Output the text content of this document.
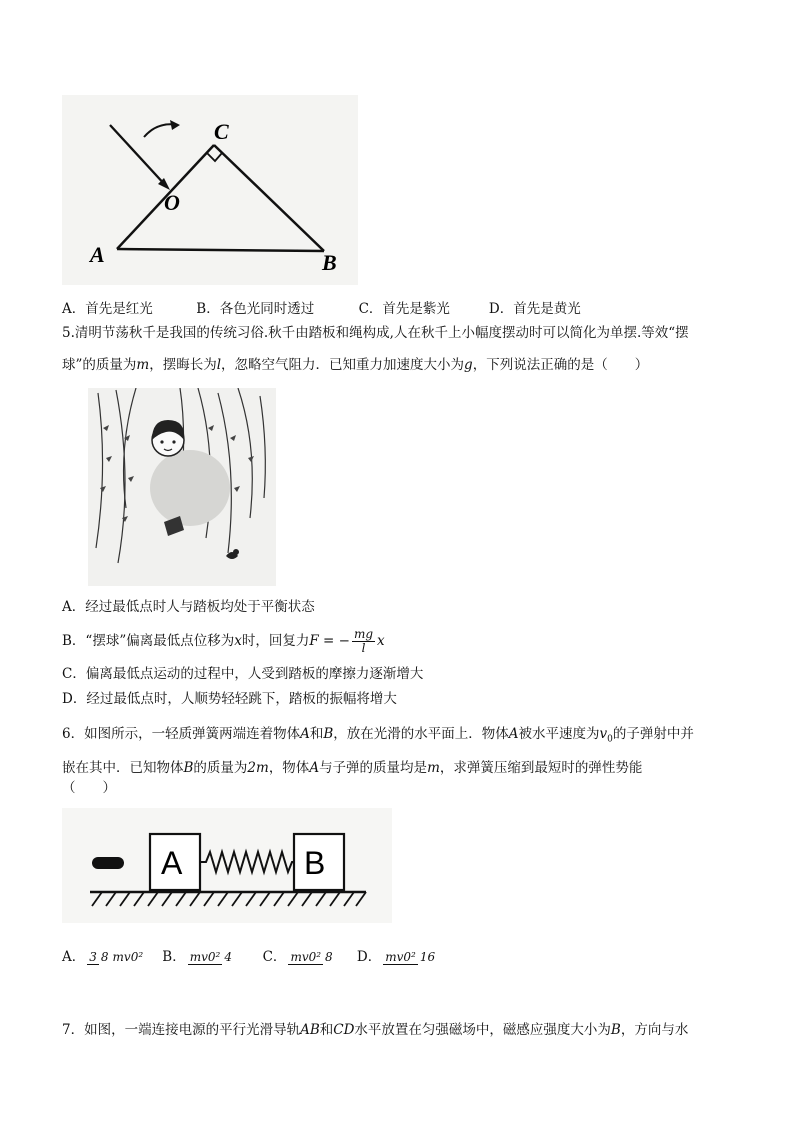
C
O
A	B
A．首先是红光	B．各色光同时透过	C．首先是紫光	D．首先是黄光
5.清明节荡秋千是我国的传统习俗.秋千由踏板和绳构成,人在秋千上小幅度摆动时可以简化为单摆.等效“摆
球”的质量为m，摆晦长为l，忽略空气阻力．已知重力加速度大小为g，下列说法正确的是（　　）
A．经过最低点时人与踏板均处于平衡状态
B．“摆球”偏离最低点位移为x时，回复力F = − $\frac{mg}{l}$ x
C．偏离最低点运动的过程中，人受到踏板的摩擦力逐渐增大
D．经过最低点时，人顺势轻轻跳下，踏板的振幅将增大
6．如图所示，一轻质弹簧两端连着物体A和B，放在光滑的水平面上．物体A被水平速度为$v_0$的子弹射中并
嵌在其中．已知物体B的质量为2m，物体A与子弹的质量均是m，求弹簧压缩到最短时的弹性势能
（　　）
A	B
A． 3 8 mv0² B． mv0² 4 C． mv0² 8 D． mv0² 16
7．如图，一端连接电源的平行光滑导轨AB和CD水平放置在匀强磁场中，磁感应强度大小为B，方向与水
